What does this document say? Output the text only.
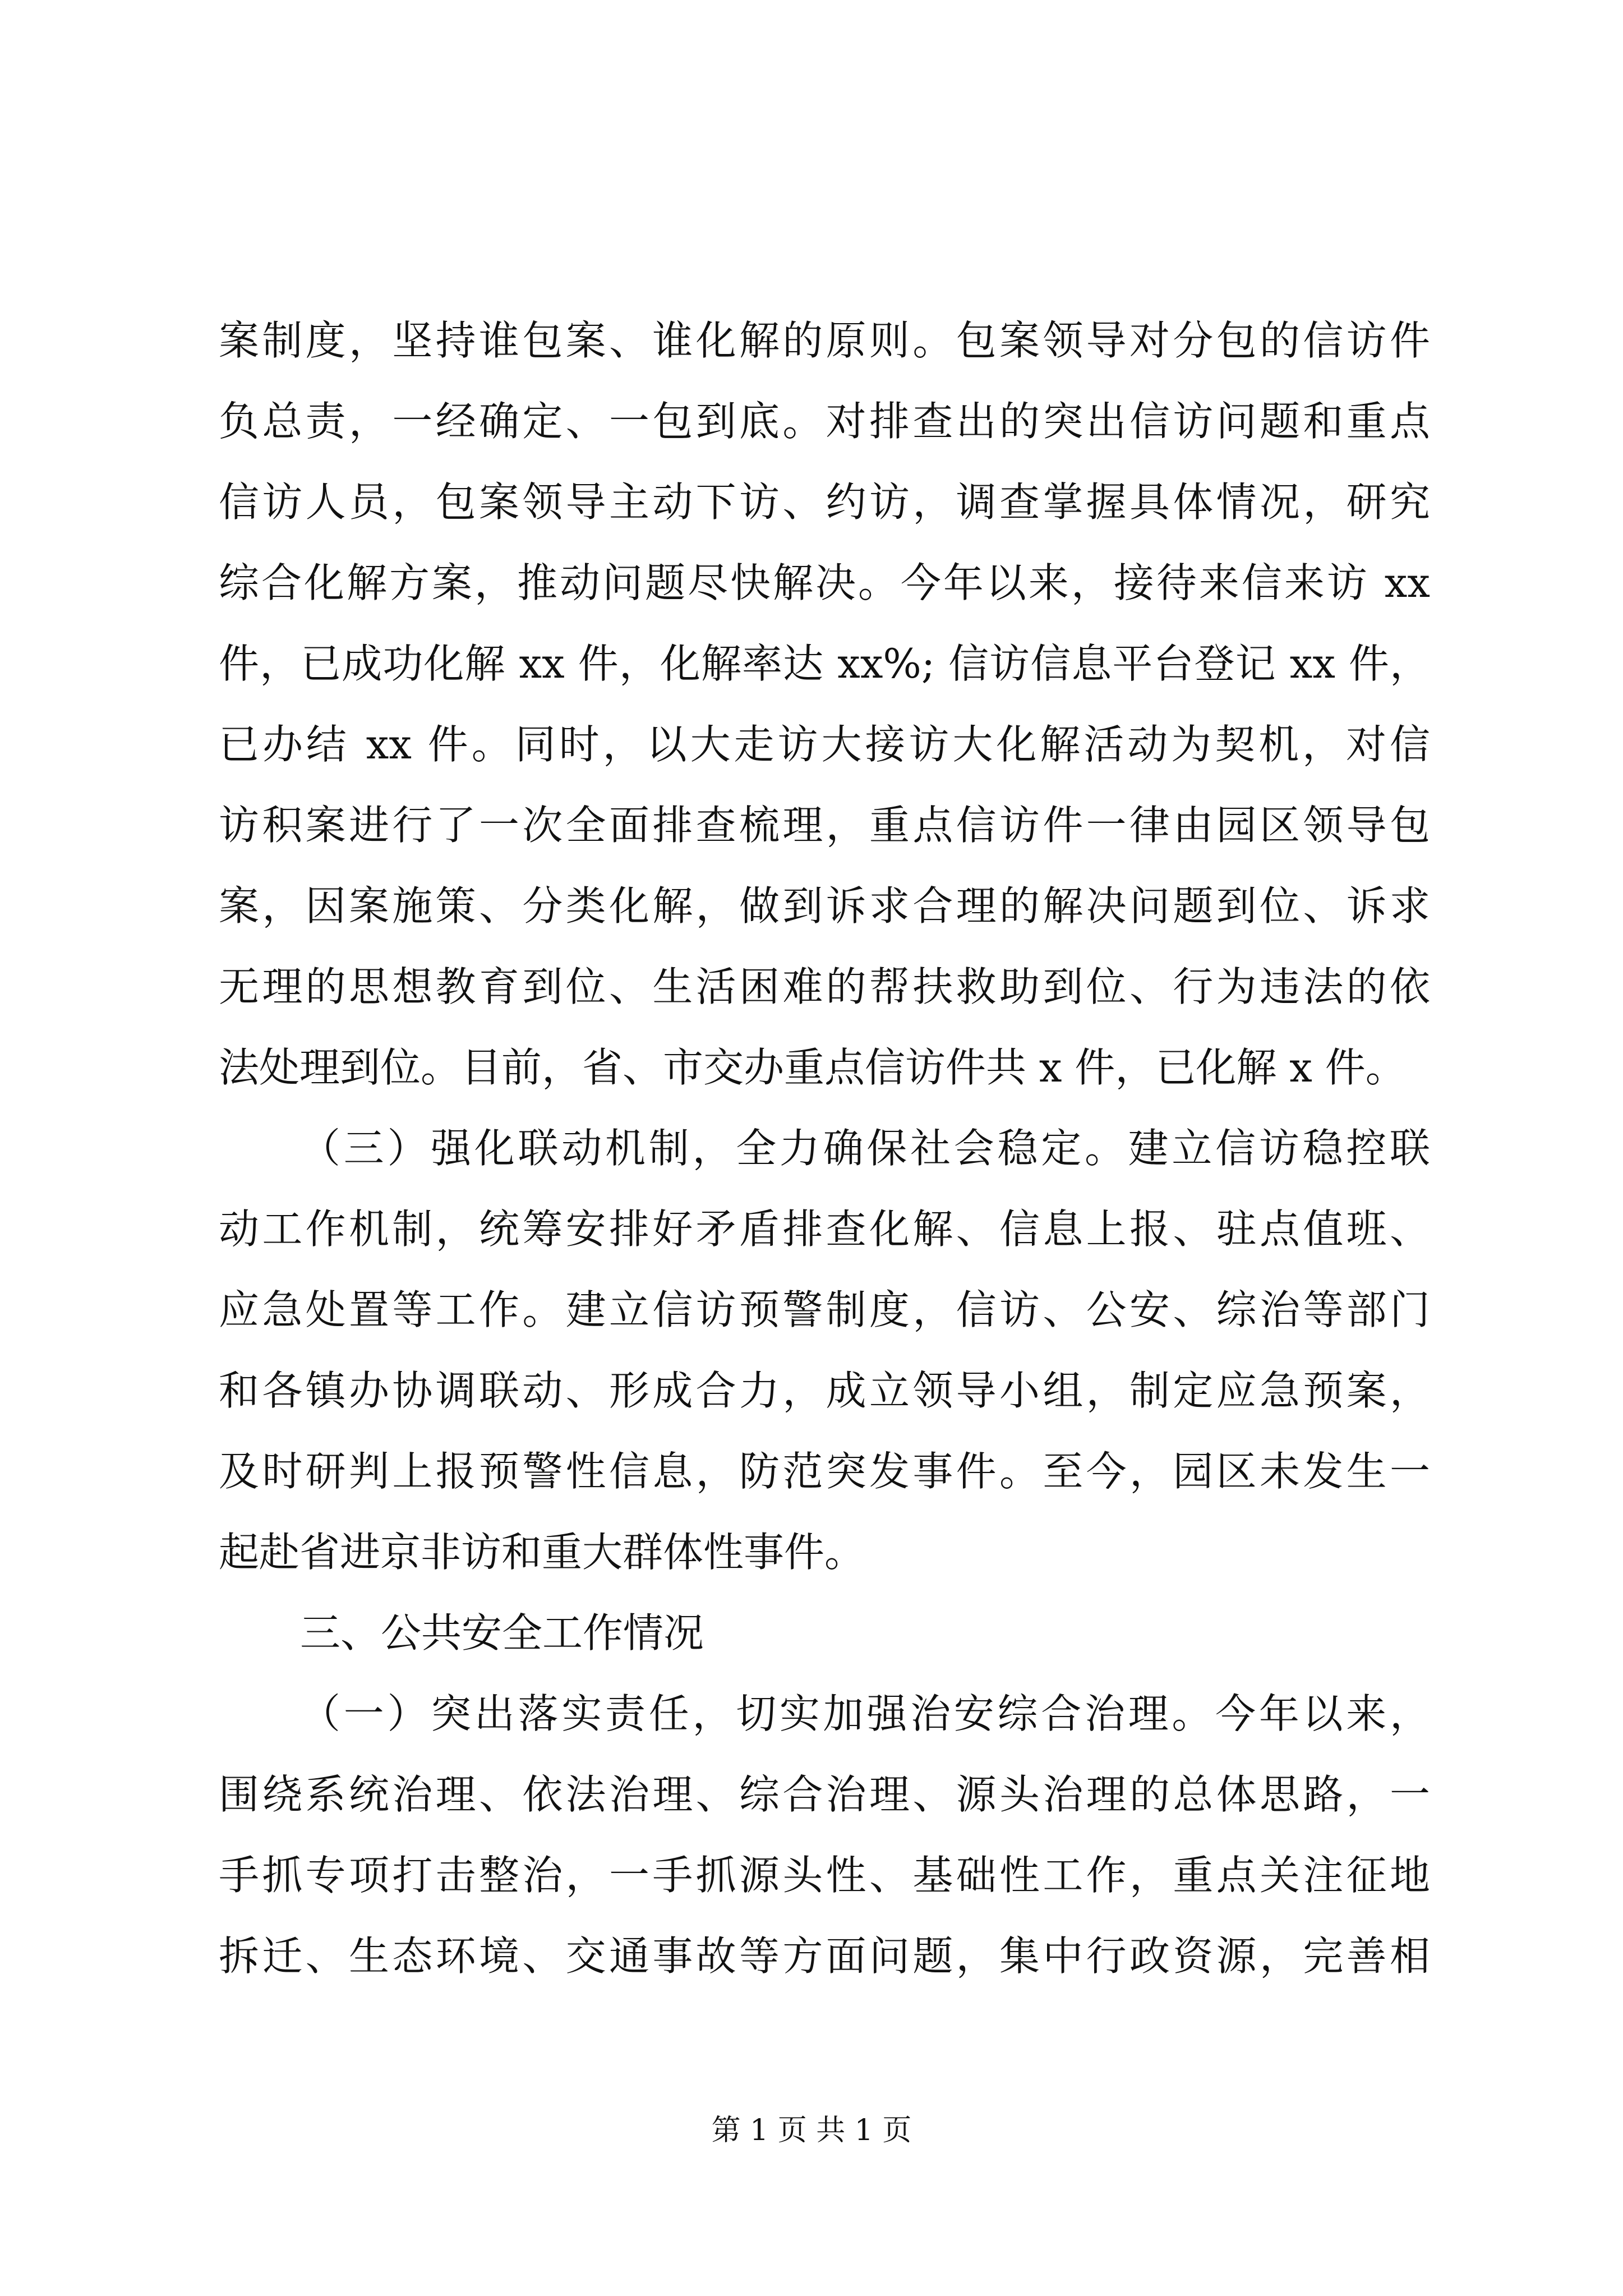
案制度，坚持谁包案、谁化解的原则。包案领导对分包的信访件
负总责，一经确定、一包到底。对排查出的突出信访问题和重点
信访人员，包案领导主动下访、约访，调查掌握具体情况，研究
综合化解方案，推动问题尽快解决。今年以来，接待来信来访 xx
件，已成功化解 xx 件，化解率达 xx%; 信访信息平台登记 xx 件，
已办结 xx 件。同时，以大走访大接访大化解活动为契机，对信
访积案进行了一次全面排查梳理，重点信访件一律由园区领导包
案，因案施策、分类化解，做到诉求合理的解决问题到位、诉求
无理的思想教育到位、生活困难的帮扶救助到位、行为违法的依
法处理到位。目前，省、市交办重点信访件共 x 件，已化解 x 件。
（三）强化联动机制，全力确保社会稳定。建立信访稳控联
动工作机制，统筹安排好矛盾排查化解、信息上报、驻点值班、
应急处置等工作。建立信访预警制度，信访、公安、综治等部门
和各镇办协调联动、形成合力，成立领导小组，制定应急预案，
及时研判上报预警性信息，防范突发事件。至今，园区未发生一
起赴省进京非访和重大群体性事件。
三、公共安全工作情况
（一）突出落实责任，切实加强治安综合治理。今年以来，
围绕系统治理、依法治理、综合治理、源头治理的总体思路，一
手抓专项打击整治，一手抓源头性、基础性工作，重点关注征地
拆迁、生态环境、交通事故等方面问题，集中行政资源，完善相
第 1 页 共 1 页
